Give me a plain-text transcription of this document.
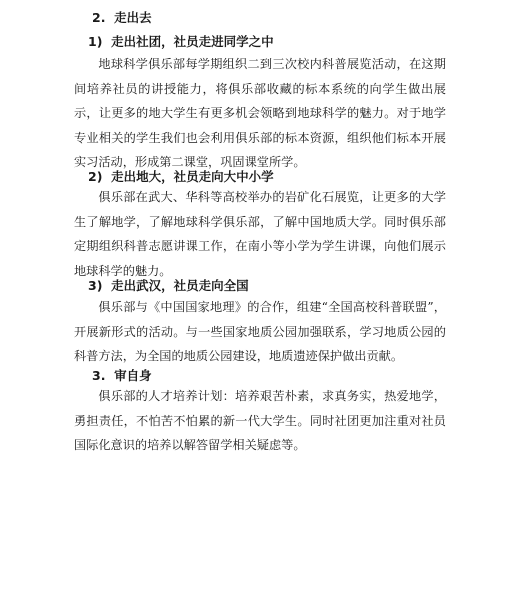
2. 走出去
1) 走出社团，社员走进同学之中

地球科学俱乐部每学期组织二到三次校内科普展览活动，在这期间培养社员的讲授能力，将俱乐部收藏的标本系统的向学生做出展示，让更多的地大学生有更多机会领略到地球科学的魅力。对于地学专业相关的学生我们也会利用俱乐部的标本资源，组织他们标本开展实习活动，形成第二课堂，巩固课堂所学。

2) 走出地大，社员走向大中小学

俱乐部在武大、华科等高校举办的岩矿化石展览，让更多的大学生了解地学，了解地球科学俱乐部，了解中国地质大学。同时俱乐部定期组织科普志愿讲课工作，在南小等小学为学生讲课，向他们展示地球科学的魅力。

3) 走出武汉，社员走向全国

俱乐部与《中国国家地理》的合作，组建“全国高校科普联盟”，开展新形式的活动。与一些国家地质公园加强联系，学习地质公园的科普方法，为全国的地质公园建设，地质遗迹保护做出贡献。

3. 审自身

俱乐部的人才培养计划：培养艰苦朴素，求真务实，热爱地学，勇担责任，不怕苦不怕累的新一代大学生。同时社团更加注重对社员国际化意识的培养以解答留学相关疑虑等。
